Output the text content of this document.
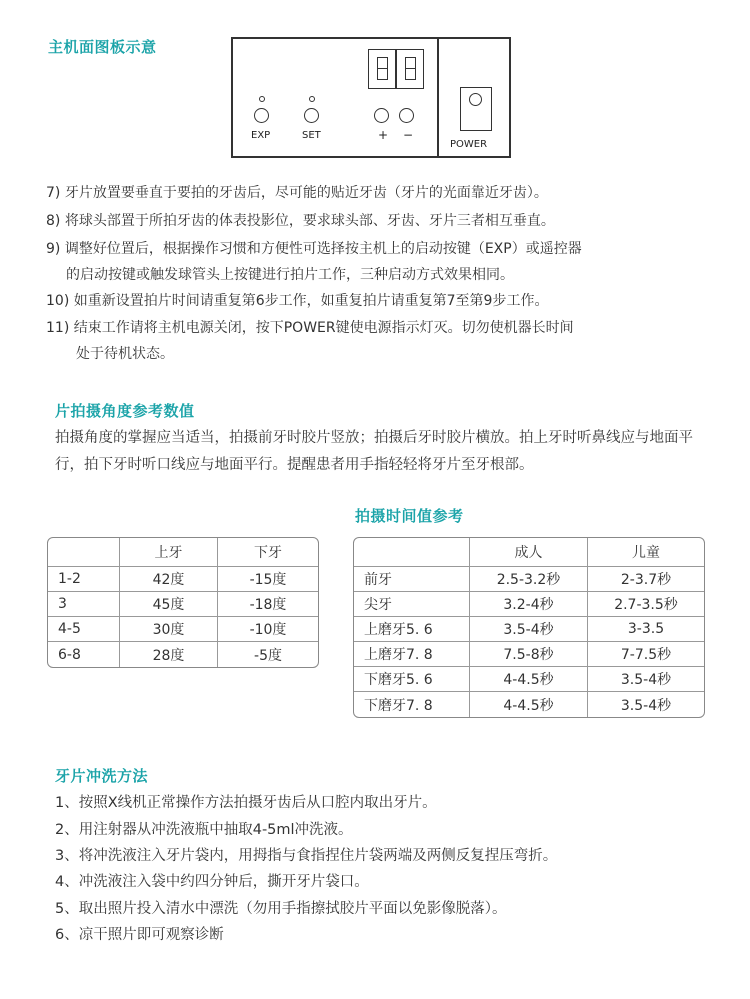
主机面图板示意
EXP	SET	+ −
POWER
7) 牙片放置要垂直于要拍的牙齿后，尽可能的贴近牙齿（牙片的光面靠近牙齿）。
8) 将球头部置于所拍牙齿的体表投影位，要求球头部、牙齿、牙片三者相互垂直。
9) 调整好位置后，根据操作习惯和方便性可选择按主机上的启动按键（EXP）或遥控器
的启动按键或触发球管头上按键进行拍片工作，三种启动方式效果相同。
10) 如重新设置拍片时间请重复第6步工作，如重复拍片请重复第7至第9步工作。
11) 结束工作请将主机电源关闭，按下POWER键使电源指示灯灭。切勿使机器长时间
处于待机状态。
片拍摄角度参考数值
拍摄角度的掌握应当适当，拍摄前牙时胶片竖放；拍摄后牙时胶片横放。拍上牙时听鼻线应与地面平行，拍下牙时听口线应与地面平行。提醒患者用手指轻轻将牙片至牙根部。
拍摄时间值参考
	上牙	下牙
1-2	42度	-15度
3	45度	-18度
4-5	30度	-10度
6-8	28度	-5度
	成人	儿童
前牙	2.5-3.2秒	2-3.7秒
尖牙	3.2-4秒	2.7-3.5秒
上磨牙5. 6	3.5-4秒	3-3.5
上磨牙7. 8	7.5-8秒	7-7.5秒
下磨牙5. 6	4-4.5秒	3.5-4秒
下磨牙7. 8	4-4.5秒	3.5-4秒
牙片冲洗方法
1、按照X线机正常操作方法拍摄牙齿后从口腔内取出牙片。
2、用注射器从冲洗液瓶中抽取4-5ml冲洗液。
3、将冲洗液注入牙片袋内，用拇指与食指捏住片袋两端及两侧反复捏压弯折。
4、冲洗液注入袋中约四分钟后，撕开牙片袋口。
5、取出照片投入清水中漂洗（勿用手指擦拭胶片平面以免影像脱落）。
6、凉干照片即可观察诊断
